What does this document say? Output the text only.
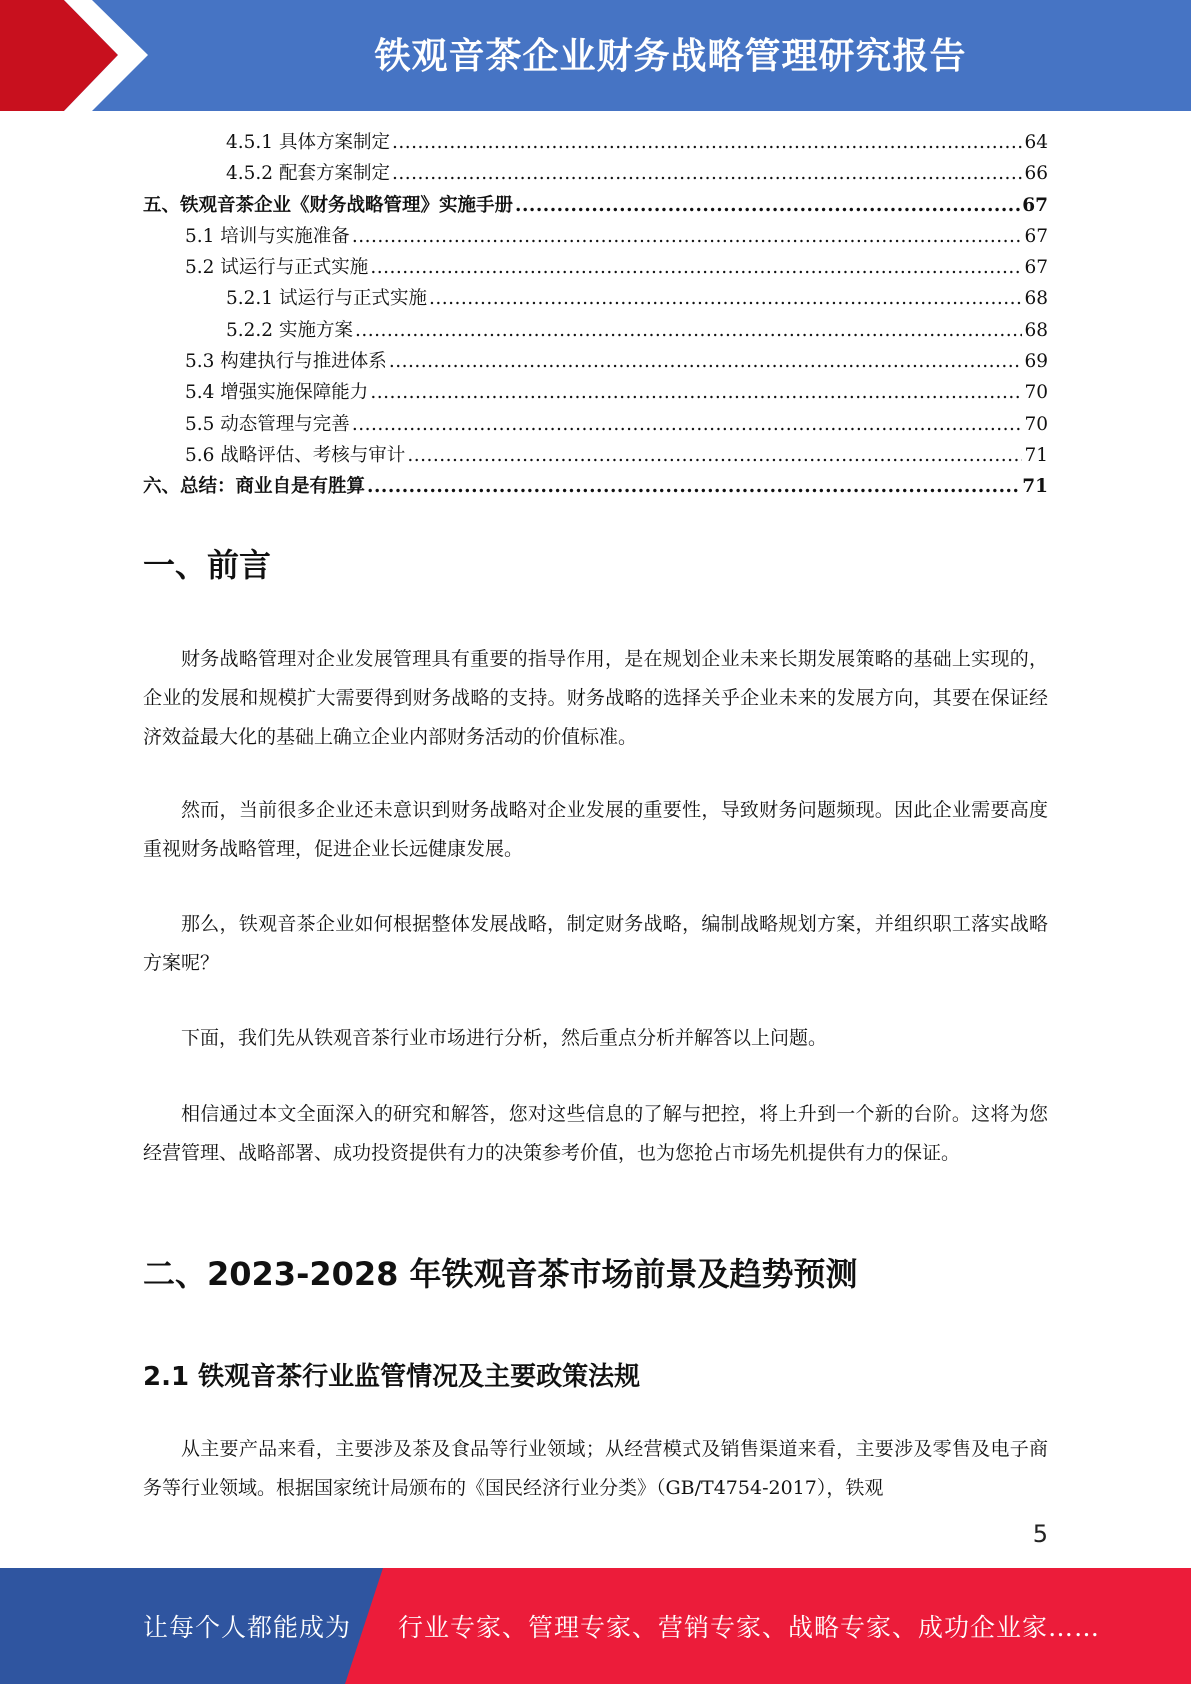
铁观音茶企业财务战略管理研究报告
4.5.1 具体方案制定 .....	64
4.5.2 配套方案制定 .....	66
五、铁观音茶企业《财务战略管理》实施手册 .....	67
5.1 培训与实施准备 .....	67
5.2 试运行与正式实施 .....	67
5.2.1 试运行与正式实施 .....	68
5.2.2 实施方案 .....	68
5.3 构建执行与推进体系 .....	69
5.4 增强实施保障能力 .....	70
5.5 动态管理与完善 .....	70
5.6 战略评估、考核与审计 .....	71
六、总结：商业自是有胜算 .....	71
一、前言

财务战略管理对企业发展管理具有重要的指导作用，是在规划企业未来长期发展策略的基础上实现的，企业的发展和规模扩大需要得到财务战略的支持。财务战略的选择关乎企业未来的发展方向，其要在保证经济效益最大化的基础上确立企业内部财务活动的价值标准。

然而，当前很多企业还未意识到财务战略对企业发展的重要性，导致财务问题频现。因此企业需要高度重视财务战略管理，促进企业长远健康发展。

那么，铁观音茶企业如何根据整体发展战略，制定财务战略，编制战略规划方案，并组织职工落实战略方案呢？

下面，我们先从铁观音茶行业市场进行分析，然后重点分析并解答以上问题。

相信通过本文全面深入的研究和解答，您对这些信息的了解与把控，将上升到一个新的台阶。这将为您经营管理、战略部署、成功投资提供有力的决策参考价值，也为您抢占市场先机提供有力的保证。

二、2023-2028 年铁观音茶市场前景及趋势预测
2.1 铁观音茶行业监管情况及主要政策法规

从主要产品来看，主要涉及茶及食品等行业领域；从经营模式及销售渠道来看，主要涉及零售及电子商务等行业领域。根据国家统计局颁布的《国民经济行业分类》（GB/T4754-2017），铁观

5
让每个人都能成为 行业专家、管理专家、营销专家、战略专家、成功企业家……
